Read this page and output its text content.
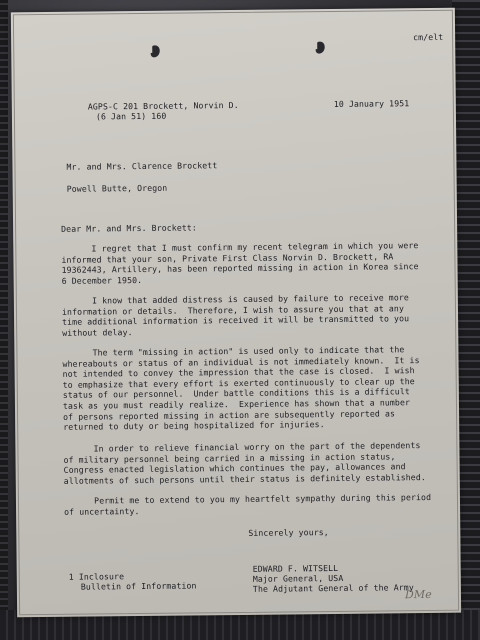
cm/elt
AGPS-C 201 Brockett, Norvin D.
(6 Jan 51) 160
10 January 1951
Mr. and Mrs. Clarence Brockett
Powell Butte, Oregon
Dear Mr. and Mrs. Brockett:
I regret that I must confirm my recent telegram in which you were
informed that your son, Private First Class Norvin D. Brockett, RA
19362443, Artillery, has been reported missing in action in Korea since
6 December 1950.
I know that added distress is caused by failure to receive more
information or details.  Therefore, I wish to assure you that at any
time additional information is received it will be transmitted to you
without delay.
The term "missing in action" is used only to indicate that the
whereabouts or status of an individual is not immediately known.  It is
not intended to convey the impression that the case is closed.  I wish
to emphasize that every effort is exerted continuously to clear up the
status of our personnel.  Under battle conditions this is a difficult
task as you must readily realize.  Experience has shown that a number
of persons reported missing in action are subsequently reported as
returned to duty or being hospitalized for injuries.
In order to relieve financial worry on the part of the dependents
of military personnel being carried in a missing in action status,
Congress enacted legislation which continues the pay, allowances and
allotments of such persons until their status is definitely established.
Permit me to extend to you my heartfelt sympathy during this period
of uncertainty.
Sincerely yours,
1 Inclosure
Bulletin of Information
EDWARD F. WITSELL
Major General, USA
The Adjutant General of the Army
DMe
